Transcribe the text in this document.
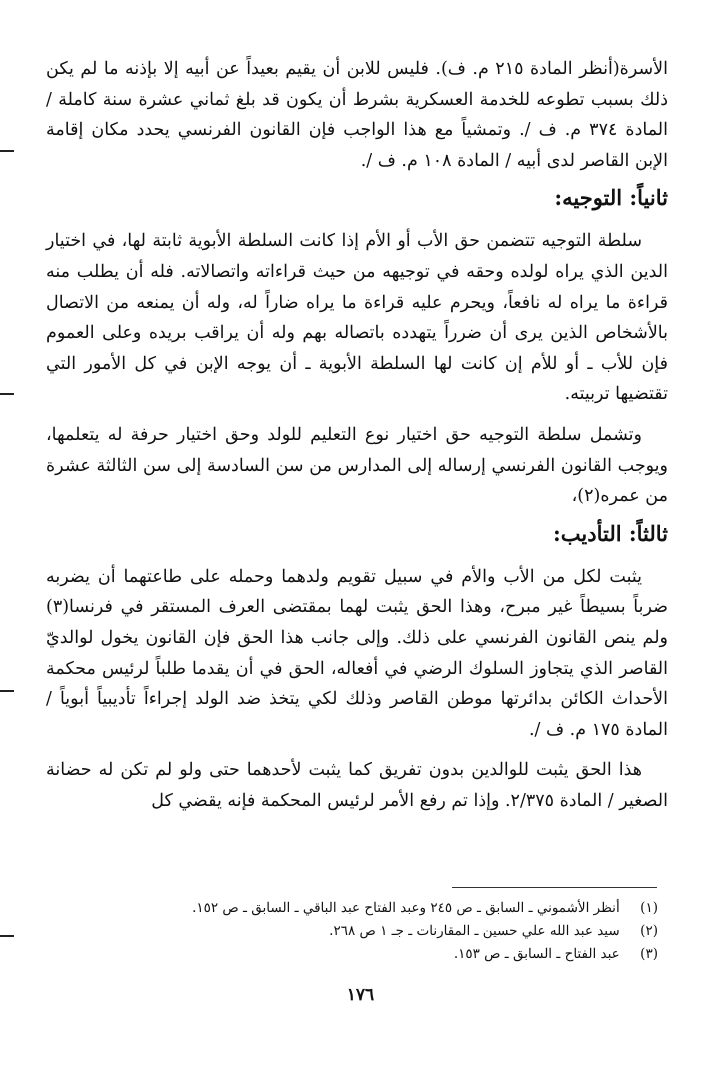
الأسرة(أنظر المادة ٢١٥ م. ف). فليس للابن أن يقيم بعيداً عن أبيه إلا بإذنه ما لم يكن ذلك بسبب تطوعه للخدمة العسكرية بشرط أن يكون قد بلغ ثماني عشرة سنة كاملة / المادة ٣٧٤ م. ف /. وتمشياً مع هذا الواجب فإن القانون الفرنسي يحدد مكان إقامة الإبن القاصر لدى أبيه / المادة ١٠٨ م. ف /.

ثانياً: التوجيه:

سلطة التوجيه تتضمن حق الأب أو الأم إذا كانت السلطة الأبوية ثابتة لها، في اختيار الدين الذي يراه لولده وحقه في توجيهه من حيث قراءاته واتصالاته. فله أن يطلب منه قراءة ما يراه له نافعاً، ويحرم عليه قراءة ما يراه ضاراً له، وله أن يمنعه من الاتصال بالأشخاص الذين يرى أن ضرراً يتهدده باتصاله بهم وله أن يراقب بريده وعلى العموم فإن للأب ـ أو للأم إن كانت لها السلطة الأبوية ـ أن يوجه الإبن في كل الأمور التي تقتضيها تربيته.

وتشمل سلطة التوجيه حق اختيار نوع التعليم للولد وحق اختيار حرفة له يتعلمها، ويوجب القانون الفرنسي إرساله إلى المدارس من سن السادسة إلى سن الثالثة عشرة من عمره(٢)،

ثالثاً: التأديب:

يثبت لكل من الأب والأم في سبيل تقويم ولدهما وحمله على طاعتهما أن يضربه ضرباً بسيطاً غير مبرح، وهذا الحق يثبت لهما بمقتضى العرف المستقر في فرنسا(٣) ولم ينص القانون الفرنسي على ذلك. وإلى جانب هذا الحق فإن القانون يخول لوالديّ القاصر الذي يتجاوز السلوك الرضي في أفعاله، الحق في أن يقدما طلباً لرئيس محكمة الأحداث الكائن بدائرتها موطن القاصر وذلك لكي يتخذ ضد الولد إجراءاً تأديبياً أبوياً / المادة ١٧٥ م. ف /.

هذا الحق يثبت للوالدين بدون تفريق كما يثبت لأحدهما حتى ولو لم تكن له حضانة الصغير / المادة ٢/٣٧٥. وإذا تم رفع الأمر لرئيس المحكمة فإنه يقضي كل

(١) أنظر الأشموني ـ السابق ـ ص ٢٤٥ وعبد الفتاح عبد الباقي ـ السابق ـ ص ١٥٢.
(٢) سيد عبد الله علي حسين ـ المقارنات ـ جـ ١ ص ٢٦٨.
(٣) عبد الفتاح ـ السابق ـ ص ١٥٣.
١٧٦
